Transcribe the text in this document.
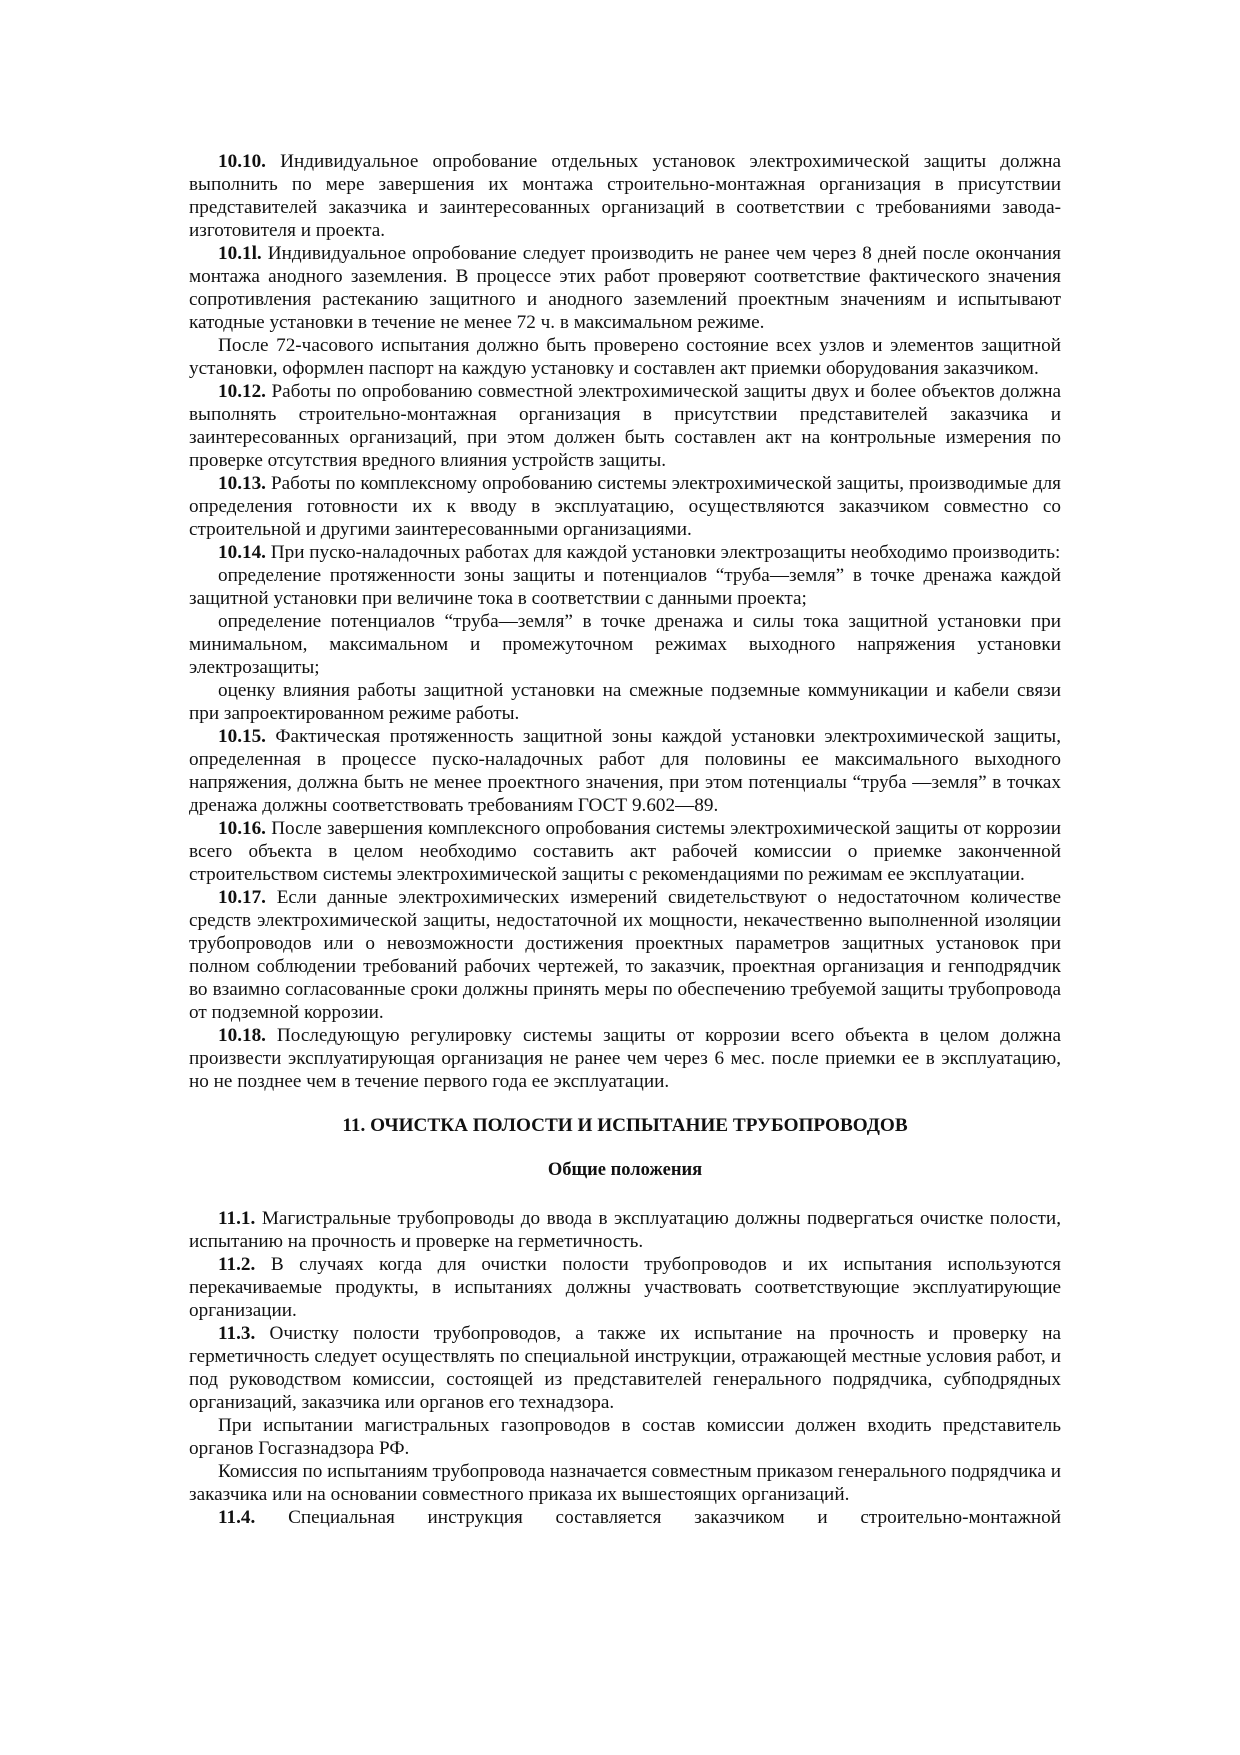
10.10. Индивидуальное опробование отдельных установок электрохимической защиты должна выполнить по мере завершения их монтажа строительно-монтажная организация в присутствии представителей заказчика и заинтересованных организаций в соответствии с требованиями завода-изготовителя и проекта.

10.1l. Индивидуальное опробование следует производить не ранее чем через 8 дней после окончания монтажа анодного заземления. В процессе этих работ проверяют соответствие фактического значения сопротивления растеканию защитного и анодного заземлений проектным значениям и испытывают катодные установки в течение не менее 72 ч. в максимальном режиме.

После 72-часового испытания должно быть проверено состояние всех узлов и элементов защитной установки, оформлен паспорт на каждую установку и составлен акт приемки оборудования заказчиком.

10.12. Работы по опробованию совместной электрохимической защиты двух и более объектов должна выполнять строительно-монтажная организация в присутствии представителей заказчика и заинтересованных организаций, при этом должен быть составлен акт на контрольные измерения по проверке отсутствия вредного влияния устройств защиты.

10.13. Работы по комплексному опробованию системы электрохимической защиты, производимые для определения готовности их к вводу в эксплуатацию, осуществляются заказчиком совместно со строительной и другими заинтересованными организациями.

10.14. При пуско-наладочных работах для каждой установки электрозащиты необходимо производить:

определение протяженности зоны защиты и потенциалов “труба—земля” в точке дренажа каждой защитной установки при величине тока в соответствии с данными проекта;

определение потенциалов “труба—земля” в точке дренажа и силы тока защитной установки при минимальном, максимальном и промежуточном режимах выходного напряжения установки электрозащиты;

оценку влияния работы защитной установки на смежные подземные коммуникации и кабели связи при запроектированном режиме работы.

10.15. Фактическая протяженность защитной зоны каждой установки электрохимической защиты, определенная в процессе пуско-наладочных работ для половины ее максимального выходного напряжения, должна быть не менее проектного значения, при этом потенциалы “труба —земля” в точках дренажа должны соответствовать требованиям ГОСТ 9.602—89.

10.16. После завершения комплексного опробования системы электрохимической защиты от коррозии всего объекта в целом необходимо составить акт рабочей комиссии о приемке законченной строительством системы электрохимической защиты с рекомендациями по режимам ее эксплуатации.

10.17. Если данные электрохимических измерений свидетельствуют о недостаточном количестве средств электрохимической защиты, недостаточной их мощности, некачественно выполненной изоляции трубопроводов или о невозможности достижения проектных параметров защитных установок при полном соблюдении требований рабочих чертежей, то заказчик, проектная организация и генподрядчик во взаимно согласованные сроки должны принять меры по обеспечению требуемой защиты трубопровода от подземной коррозии.

10.18. Последующую регулировку системы защиты от коррозии всего объекта в целом должна произвести эксплуатирующая организация не ранее чем через 6 мес. после приемки ее в эксплуатацию, но не позднее чем в течение первого года ее эксплуатации.

11. ОЧИСТКА ПОЛОСТИ И ИСПЫТАНИЕ ТРУБОПРОВОДОВ
Общие положения

11.1. Магистральные трубопроводы до ввода в эксплуатацию должны подвергаться очистке полости, испытанию на прочность и проверке на герметичность.

11.2. В случаях когда для очистки полости трубопроводов и их испытания используются перекачиваемые продукты, в испытаниях должны участвовать соответствующие эксплуатирующие организации.

11.3. Очистку полости трубопроводов, а также их испытание на прочность и проверку на герметичность следует осуществлять по специальной инструкции, отражающей местные условия работ, и под руководством комиссии, состоящей из представителей генерального подрядчика, субподрядных организаций, заказчика или органов его технадзора.

При испытании магистральных газопроводов в состав комиссии должен входить представитель органов Госгазнадзора РФ.

Комиссия по испытаниям трубопровода назначается совместным приказом генерального подрядчика и заказчика или на основании совместного приказа их вышестоящих организаций.

11.4. Специальная инструкция составляется заказчиком и строительно-монтажной
